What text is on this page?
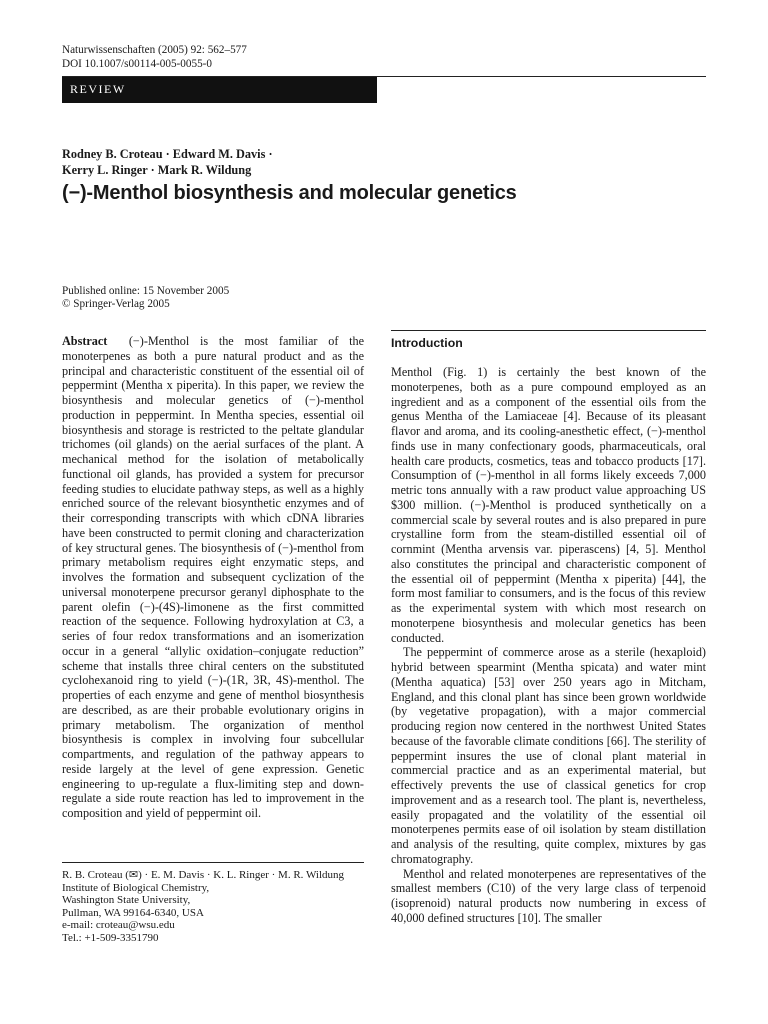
Naturwissenschaften (2005) 92: 562–577
DOI 10.1007/s00114-005-0055-0
REVIEW
Rodney B. Croteau · Edward M. Davis ·
Kerry L. Ringer · Mark R. Wildung
(−)-Menthol biosynthesis and molecular genetics
Published online: 15 November 2005
© Springer-Verlag 2005
Abstract (−)-Menthol is the most familiar of the monoterpenes as both a pure natural product and as the principal and characteristic constituent of the essential oil of peppermint (Mentha x piperita). In this paper, we review the biosynthesis and molecular genetics of (−)-menthol production in peppermint. In Mentha species, essential oil biosynthesis and storage is restricted to the peltate glandular trichomes (oil glands) on the aerial surfaces of the plant. A mechanical method for the isolation of metabolically functional oil glands, has provided a system for precursor feeding studies to elucidate pathway steps, as well as a highly enriched source of the relevant biosynthetic enzymes and of their corresponding transcripts with which cDNA libraries have been constructed to permit cloning and characterization of key structural genes. The biosynthesis of (−)-menthol from primary metabolism requires eight enzymatic steps, and involves the formation and subsequent cyclization of the universal monoterpene precursor geranyl diphosphate to the parent olefin (−)-(4S)-limonene as the first committed reaction of the sequence. Following hydroxylation at C3, a series of four redox transformations and an isomerization occur in a general “allylic oxidation–conjugate reduction” scheme that installs three chiral centers on the substituted cyclohexanoid ring to yield (−)-(1R, 3R, 4S)-menthol. The properties of each enzyme and gene of menthol biosynthesis are described, as are their probable evolutionary origins in primary metabolism. The organization of menthol biosynthesis is complex in involving four subcellular compartments, and regulation of the pathway appears to reside largely at the level of gene expression. Genetic engineering to up-regulate a flux-limiting step and down-regulate a side route reaction has led to improvement in the composition and yield of peppermint oil.
R. B. Croteau (✉) · E. M. Davis · K. L. Ringer · M. R. Wildung
Institute of Biological Chemistry,
Washington State University,
Pullman, WA 99164-6340, USA
e-mail: croteau@wsu.edu
Tel.: +1-509-3351790
Introduction

Menthol (Fig. 1) is certainly the best known of the monoterpenes, both as a pure compound employed as an ingredient and as a component of the essential oils from the genus Mentha of the Lamiaceae [4]. Because of its pleasant flavor and aroma, and its cooling-anesthetic effect, (−)-menthol finds use in many confectionary goods, pharmaceuticals, oral health care products, cosmetics, teas and tobacco products [17]. Consumption of (−)-menthol in all forms likely exceeds 7,000 metric tons annually with a raw product value approaching US $300 million. (−)-Menthol is produced synthetically on a commercial scale by several routes and is also prepared in pure crystalline form from the steam-distilled essential oil of cornmint (Mentha arvensis var. piperascens) [4, 5]. Menthol also constitutes the principal and characteristic component of the essential oil of peppermint (Mentha x piperita) [44], the form most familiar to consumers, and is the focus of this review as the experimental system with which most research on monoterpene biosynthesis and molecular genetics has been conducted.

The peppermint of commerce arose as a sterile (hexaploid) hybrid between spearmint (Mentha spicata) and water mint (Mentha aquatica) [53] over 250 years ago in Mitcham, England, and this clonal plant has since been grown worldwide (by vegetative propagation), with a major commercial producing region now centered in the northwest United States because of the favorable climate conditions [66]. The sterility of peppermint insures the use of clonal plant material in commercial practice and as an experimental material, but effectively prevents the use of classical genetics for crop improvement and as a research tool. The plant is, nevertheless, easily propagated and the volatility of the essential oil monoterpenes permits ease of oil isolation by steam distillation and analysis of the resulting, quite complex, mixtures by gas chromatography.

Menthol and related monoterpenes are representatives of the smallest members (C10) of the very large class of terpenoid (isoprenoid) natural products now numbering in excess of 40,000 defined structures [10]. The smaller
